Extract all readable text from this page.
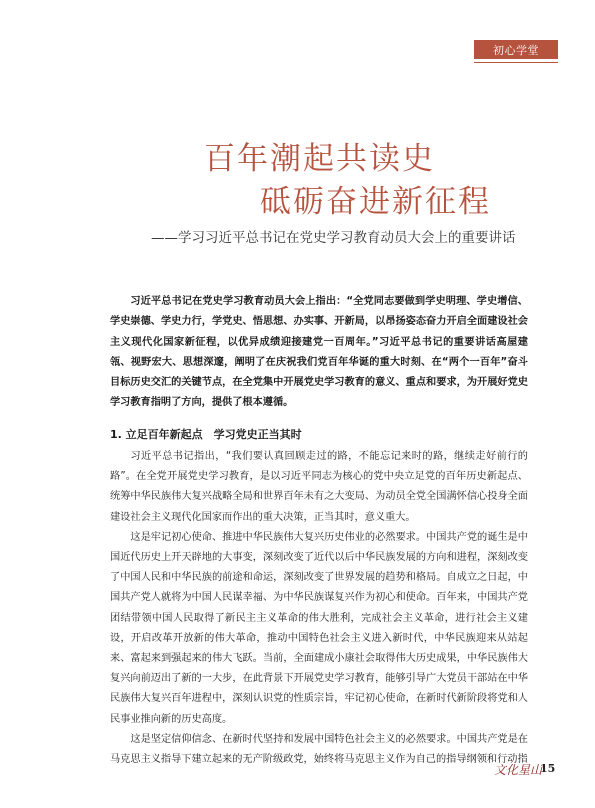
初心学堂
百年潮起共读史
砥砺奋进新征程
——学习习近平总书记在党史学习教育动员大会上的重要讲话
习近平总书记在党史学习教育动员大会上指出：“全党同志要做到学史明理、学史增信、学史崇德、学史力行，学党史、悟思想、办实事、开新局，以昂扬姿态奋力开启全面建设社会主义现代化国家新征程，以优异成绩迎接建党一百周年。”习近平总书记的重要讲话高屋建瓴、视野宏大、思想深邃，阐明了在庆祝我们党百年华诞的重大时刻、在“两个一百年”奋斗目标历史交汇的关键节点，在全党集中开展党史学习教育的意义、重点和要求，为开展好党史学习教育指明了方向，提供了根本遵循。
1. 立足百年新起点　学习党史正当其时

习近平总书记指出，“我们要认真回顾走过的路，不能忘记来时的路，继续走好前行的路”。在全党开展党史学习教育，是以习近平同志为核心的党中央立足党的百年历史新起点、统筹中华民族伟大复兴战略全局和世界百年未有之大变局、为动员全党全国满怀信心投身全面建设社会主义现代化国家而作出的重大决策，正当其时，意义重大。

这是牢记初心使命、推进中华民族伟大复兴历史伟业的必然要求。中国共产党的诞生是中国近代历史上开天辟地的大事变，深刻改变了近代以后中华民族发展的方向和进程，深刻改变了中国人民和中华民族的前途和命运，深刻改变了世界发展的趋势和格局。自成立之日起，中国共产党人就将为中国人民谋幸福、为中华民族谋复兴作为初心和使命。百年来，中国共产党团结带领中国人民取得了新民主主义革命的伟大胜利，完成社会主义革命，进行社会主义建设，开启改革开放新的伟大革命，推动中国特色社会主义进入新时代，中华民族迎来从站起来、富起来到强起来的伟大飞跃。当前，全面建成小康社会取得伟大历史成果，中华民族伟大复兴向前迈出了新的一大步，在此背景下开展党史学习教育，能够引导广大党员干部站在中华民族伟大复兴百年进程中，深刻认识党的性质宗旨，牢记初心使命，在新时代新阶段将党和人民事业推向新的历史高度。

这是坚定信仰信念、在新时代坚持和发展中国特色社会主义的必然要求。中国共产党是在马克思主义指导下建立起来的无产阶级政党，始终将马克思主义作为自己的指导纲领和行动指

文化星山
15
